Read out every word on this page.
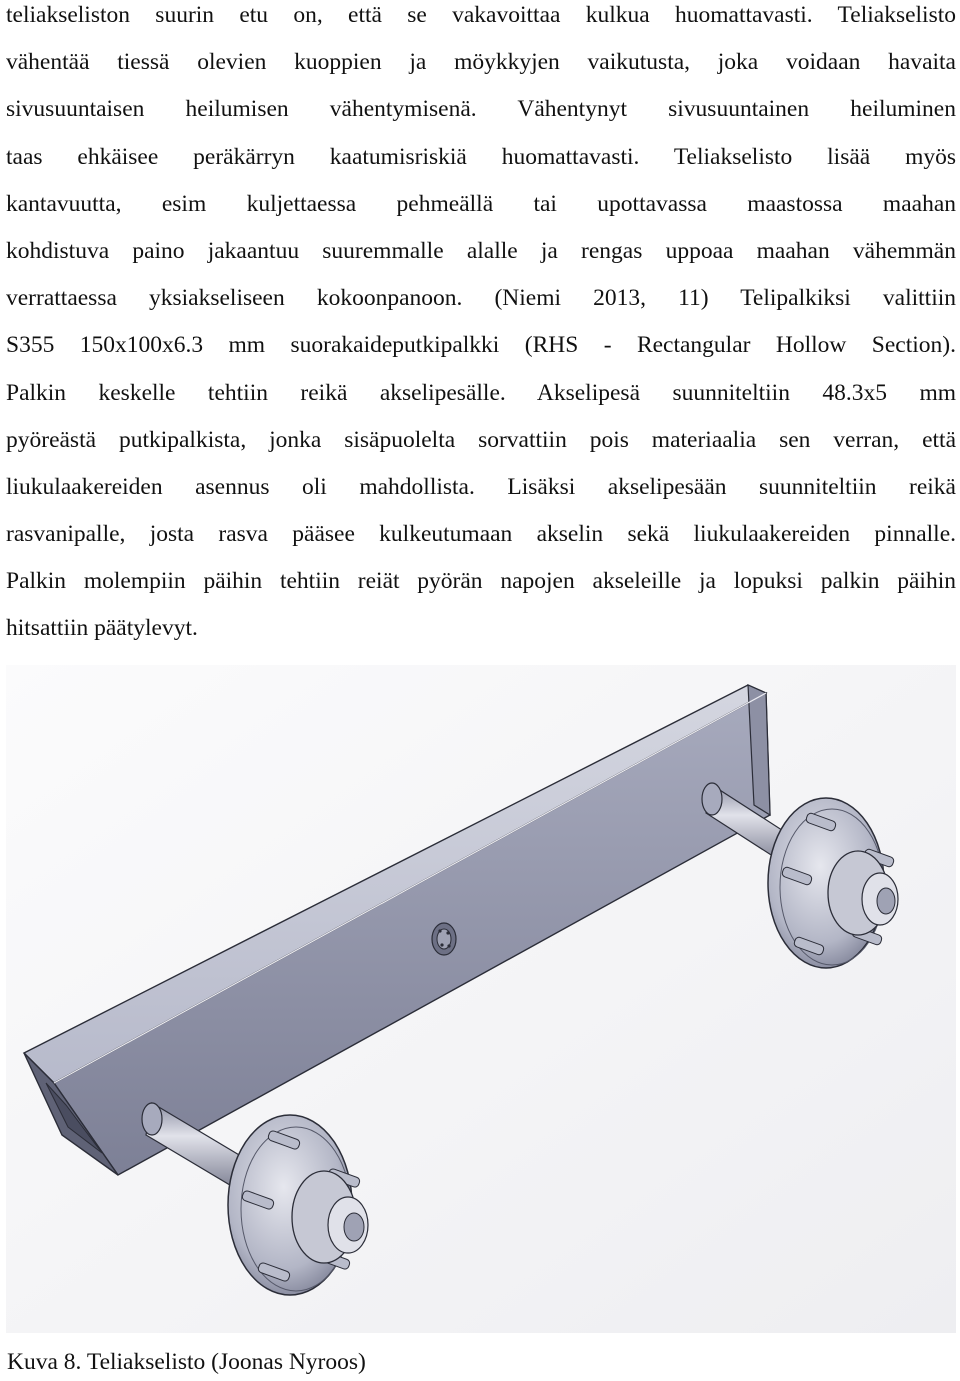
teliakseliston suurin etu on, että se vakavoittaa kulkua huomattavasti. Teliakselisto
vähentää tiessä olevien kuoppien ja möykkyjen vaikutusta, joka voidaan havaita
sivusuuntaisen heilumisen vähentymisenä. Vähentynyt sivusuuntainen heiluminen
taas ehkäisee peräkärryn kaatumisriskiä huomattavasti. Teliakselisto lisää myös
kantavuutta, esim kuljettaessa pehmeällä tai upottavassa maastossa maahan
kohdistuva paino jakaantuu suuremmalle alalle ja rengas uppoaa maahan vähemmän
verrattaessa yksiakseliseen kokoonpanoon. (Niemi 2013, 11) Telipalkiksi valittiin
S355 150x100x6.3 mm suorakaideputkipalkki (RHS - Rectangular Hollow Section).
Palkin keskelle tehtiin reikä akselipesälle. Akselipesä suunniteltiin 48.3x5 mm
pyöreästä putkipalkista, jonka sisäpuolelta sorvattiin pois materiaalia sen verran, että
liukulaakereiden asennus oli mahdollista. Lisäksi akselipesään suunniteltiin reikä
rasvanipalle, josta rasva pääsee kulkeutumaan akselin sekä liukulaakereiden pinnalle.
Palkin molempiin päihin tehtiin reiät pyörän napojen akseleille ja lopuksi palkin päihin
hitsattiin päätylevyt.
Kuva 8. Teliakselisto (Joonas Nyroos)
